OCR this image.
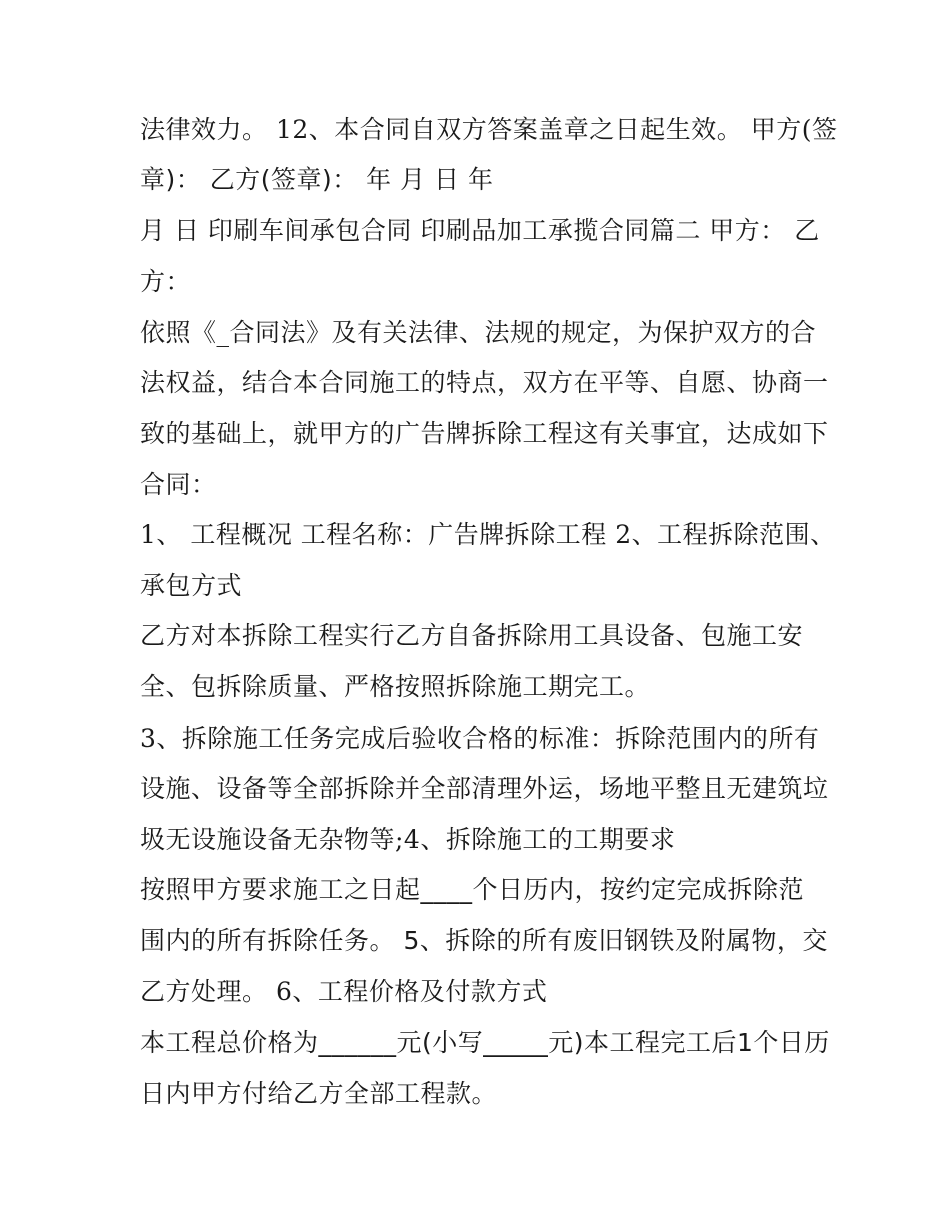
法律效力。 12、本合同自双方答案盖章之日起生效。 甲方(签
章)： 乙方(签章)： 年 月 日 年
月 日 印刷车间承包合同 印刷品加工承揽合同篇二 甲方： 乙
方：
依照《_合同法》及有关法律、法规的规定，为保护双方的合
法权益，结合本合同施工的特点，双方在平等、自愿、协商一
致的基础上，就甲方的广告牌拆除工程这有关事宜，达成如下
合同：
1、 工程概况 工程名称：广告牌拆除工程 2、工程拆除范围、
承包方式
乙方对本拆除工程实行乙方自备拆除用工具设备、包施工安
全、包拆除质量、严格按照拆除施工期完工。
3、拆除施工任务完成后验收合格的标准：拆除范围内的所有
设施、设备等全部拆除并全部清理外运，场地平整且无建筑垃
圾无设施设备无杂物等;4、拆除施工的工期要求
按照甲方要求施工之日起____个日历内，按约定完成拆除范
围内的所有拆除任务。 5、拆除的所有废旧钢铁及附属物，交
乙方处理。 6、工程价格及付款方式
本工程总价格为______元(小写_____元)本工程完工后1个日历
日内甲方付给乙方全部工程款。
